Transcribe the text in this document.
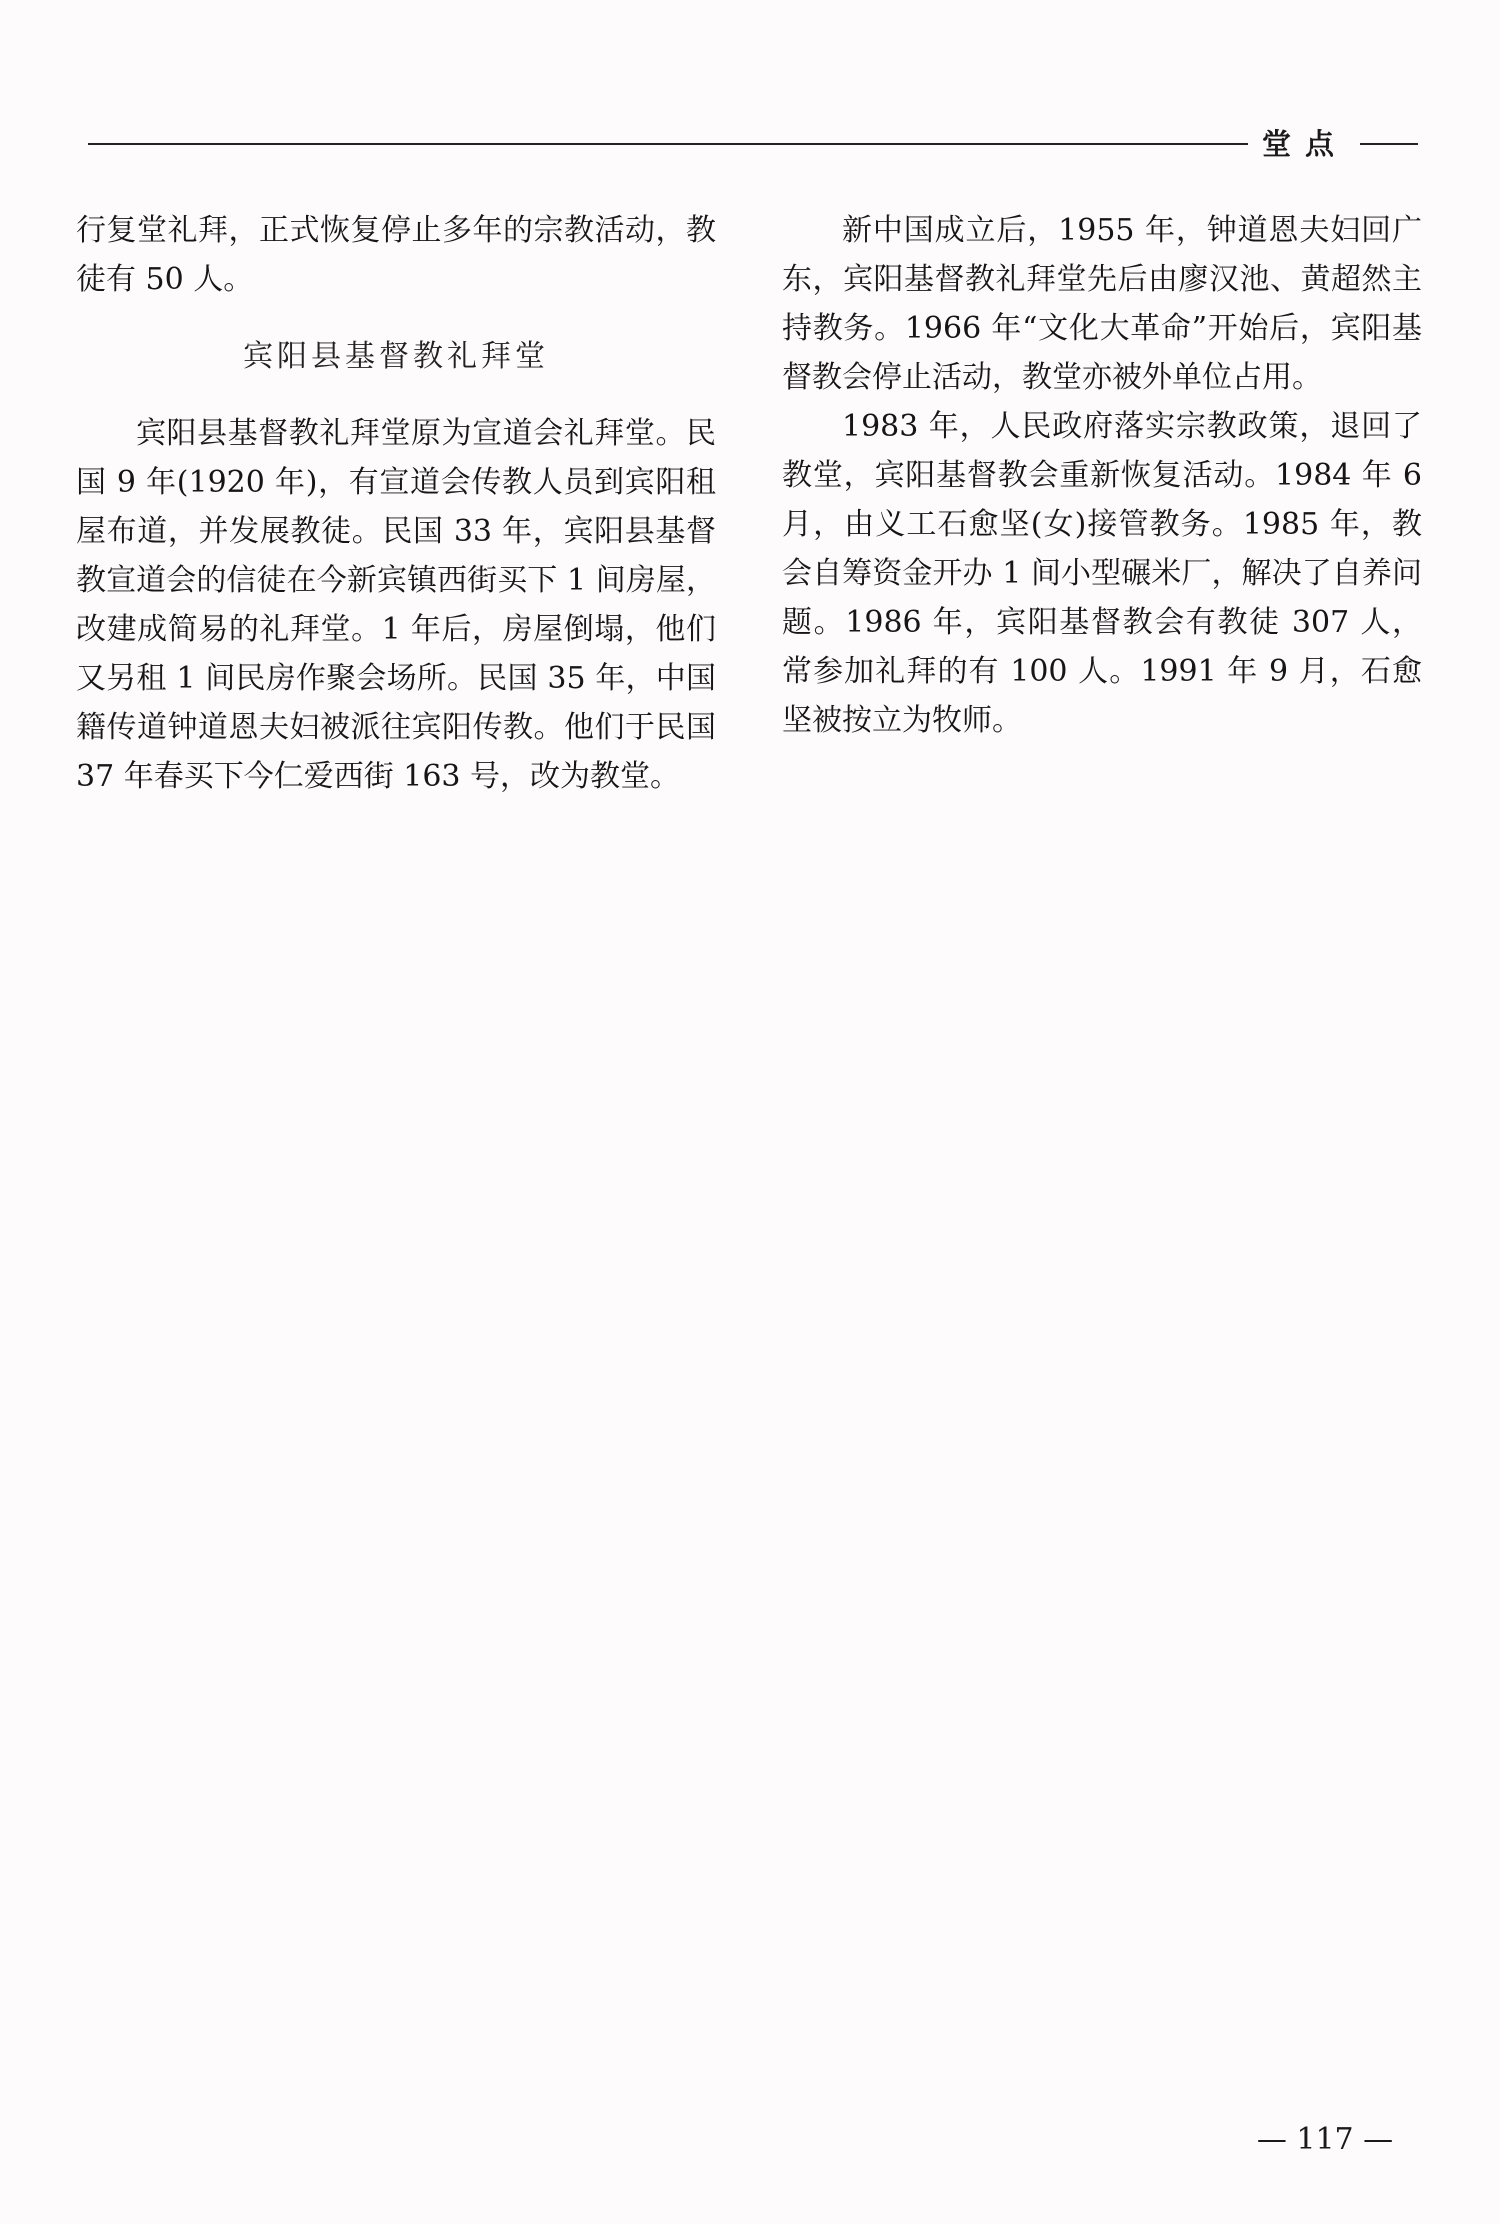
堂点

行复堂礼拜，正式恢复停止多年的宗教活动，教徒有 50 人。

宾阳县基督教礼拜堂

宾阳县基督教礼拜堂原为宣道会礼拜堂。民国 9 年(1920 年)，有宣道会传教人员到宾阳租屋布道，并发展教徒。民国 33 年，宾阳县基督教宣道会的信徒在今新宾镇西街买下 1 间房屋，改建成简易的礼拜堂。1 年后，房屋倒塌，他们又另租 1 间民房作聚会场所。民国 35 年，中国籍传道钟道恩夫妇被派往宾阳传教。他们于民国 37 年春买下今仁爱西街 163 号，改为教堂。

新中国成立后，1955 年，钟道恩夫妇回广东，宾阳基督教礼拜堂先后由廖汉池、黄超然主持教务。1966 年“文化大革命”开始后，宾阳基督教会停止活动，教堂亦被外单位占用。

1983 年，人民政府落实宗教政策，退回了教堂，宾阳基督教会重新恢复活动。1984 年 6 月，由义工石愈坚(女)接管教务。1985 年，教会自筹资金开办 1 间小型碾米厂，解决了自养问题。1986 年，宾阳基督教会有教徒 307 人，常参加礼拜的有 100 人。1991 年 9 月，石愈坚被按立为牧师。

— 117 —
